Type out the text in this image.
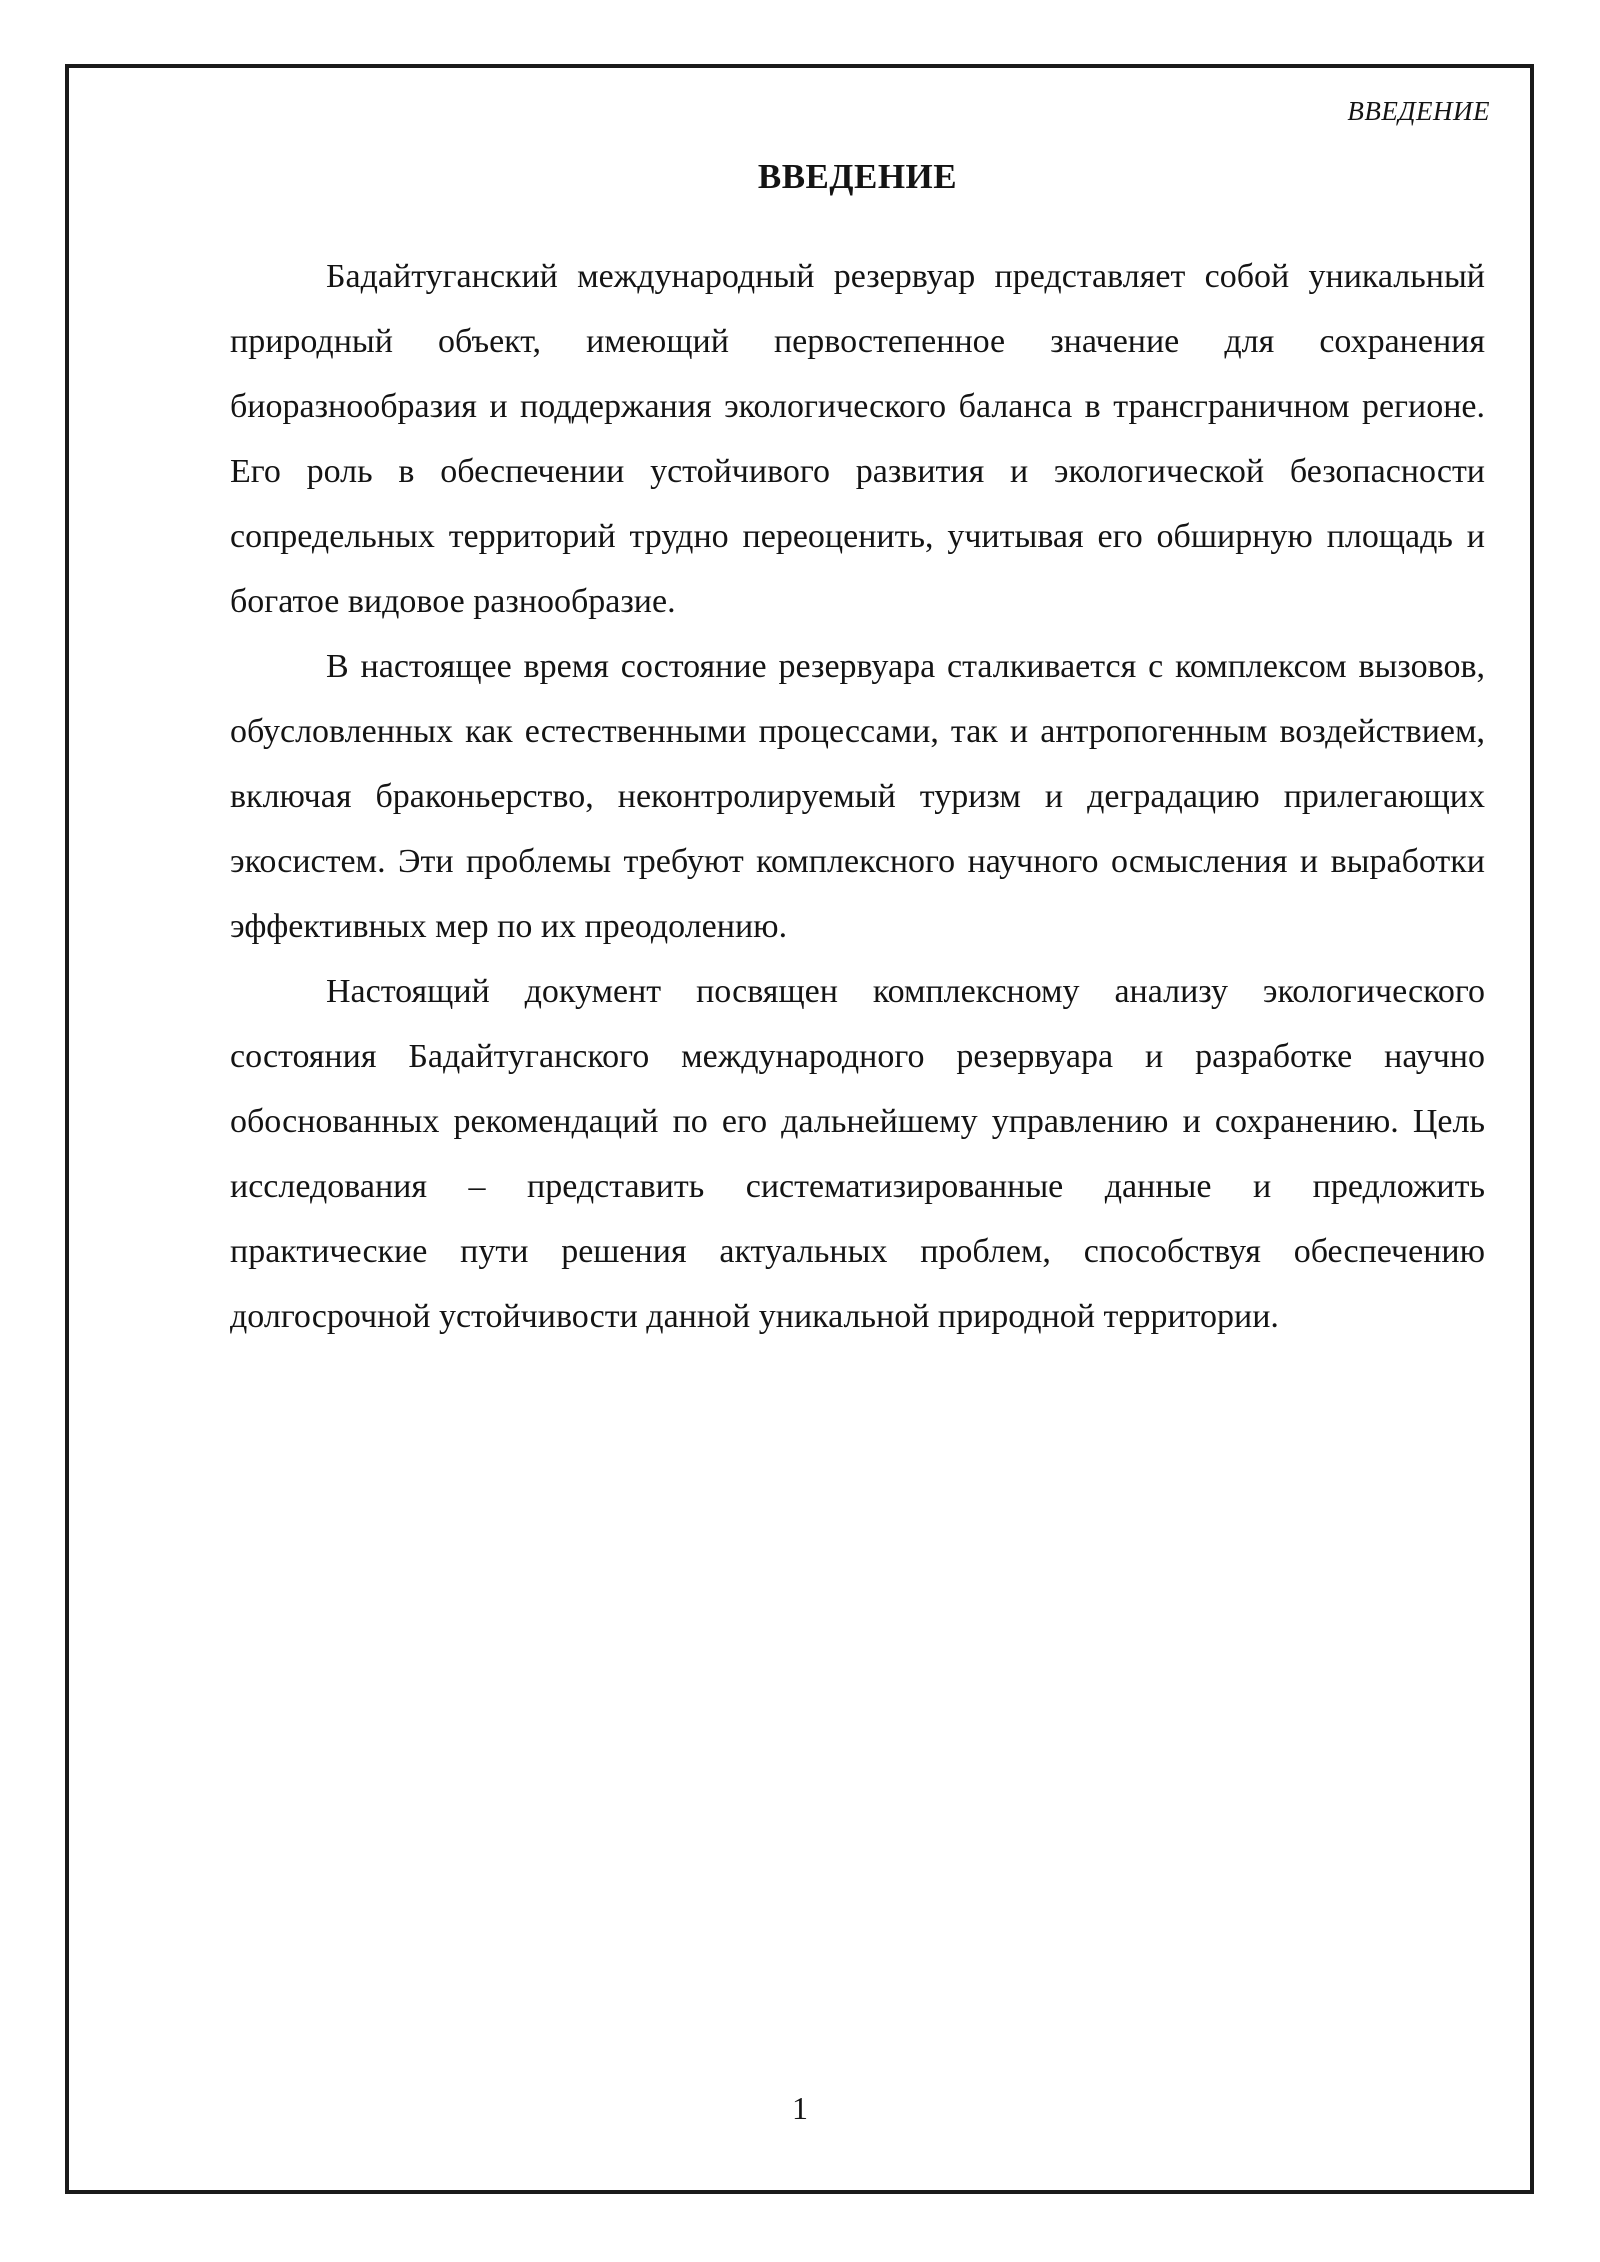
ВВЕДЕНИЕ
ВВЕДЕНИЕ

Бадайтуганский международный резервуар представляет собой уникальный природный объект, имеющий первостепенное значение для сохранения биоразнообразия и поддержания экологического баланса в трансграничном регионе. Его роль в обеспечении устойчивого развития и экологической безопасности сопредельных территорий трудно переоценить, учитывая его обширную площадь и богатое видовое разнообразие.

В настоящее время состояние резервуара сталкивается с комплексом вызовов, обусловленных как естественными процессами, так и антропогенным воздействием, включая браконьерство, неконтролируемый туризм и деградацию прилегающих экосистем. Эти проблемы требуют комплексного научного осмысления и выработки эффективных мер по их преодолению.

Настоящий документ посвящен комплексному анализу экологического состояния Бадайтуганского международного резервуара и разработке научно обоснованных рекомендаций по его дальнейшему управлению и сохранению. Цель исследования – представить систематизированные данные и предложить практические пути решения актуальных проблем, способствуя обеспечению долгосрочной устойчивости данной уникальной природной территории.

1
